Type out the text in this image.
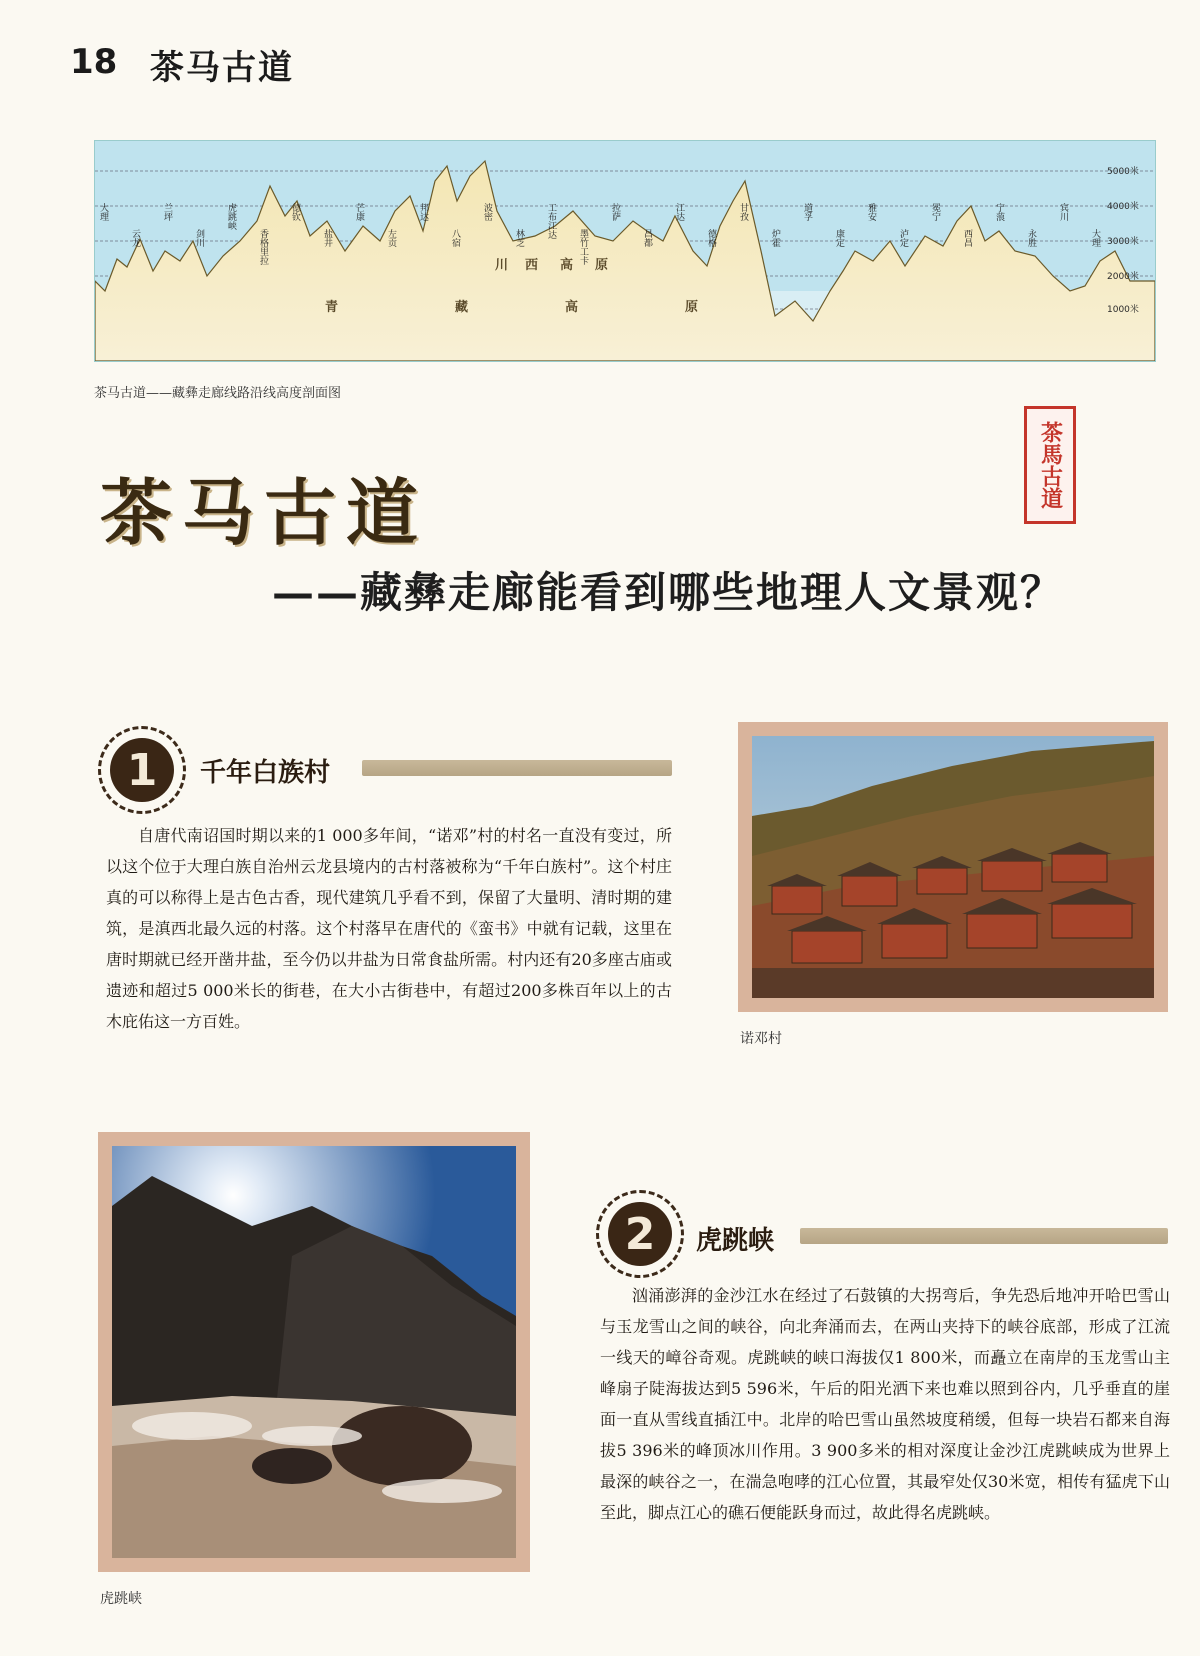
18 茶马古道
5000米
4000米
3000米
2000米
1000米
青	藏	高	原
川 西 高 原
大理
云龙
兰坪
剑川
虎跳峡
香格里拉
德钦
盐井
芒康
左贡
邦达
八宿
波密
林芝 工布江达
墨竹工卡
拉萨
昌都
江达
德格
甘孜
炉霍
道孚
康定
雅安
泸定
冕宁
西昌
宁蒗
永胜
宾川
大理
茶马古道——藏彝走廊线路沿线高度剖面图
茶马古道
——藏彝走廊能看到哪些地理人文景观？
茶馬古道
1	千年白族村
自唐代南诏国时期以来的1 000多年间，“诺邓”村的村名一直没有变过，所以这个位于大理白族自治州云龙县境内的古村落被称为“千年白族村”。这个村庄真的可以称得上是古色古香，现代建筑几乎看不到，保留了大量明、清时期的建筑，是滇西北最久远的村落。这个村落早在唐代的《蛮书》中就有记载，这里在唐时期就已经开凿井盐，至今仍以井盐为日常食盐所需。村内还有20多座古庙或遗迹和超过5 000米长的街巷，在大小古街巷中，有超过200多株百年以上的古木庇佑这一方百姓。
诺邓村
虎跳峡
2	虎跳峡
汹涌澎湃的金沙江水在经过了石鼓镇的大拐弯后，争先恐后地冲开哈巴雪山与玉龙雪山之间的峡谷，向北奔涌而去，在两山夹持下的峡谷底部，形成了江流一线天的嶂谷奇观。虎跳峡的峡口海拔仅1 800米，而矗立在南岸的玉龙雪山主峰扇子陡海拔达到5 596米，午后的阳光洒下来也难以照到谷内，几乎垂直的崖面一直从雪线直插江中。北岸的哈巴雪山虽然坡度稍缓，但每一块岩石都来自海拔5 396米的峰顶冰川作用。3 900多米的相对深度让金沙江虎跳峡成为世界上最深的峡谷之一，在湍急咆哮的江心位置，其最窄处仅30米宽，相传有猛虎下山至此，脚点江心的礁石便能跃身而过，故此得名虎跳峡。
